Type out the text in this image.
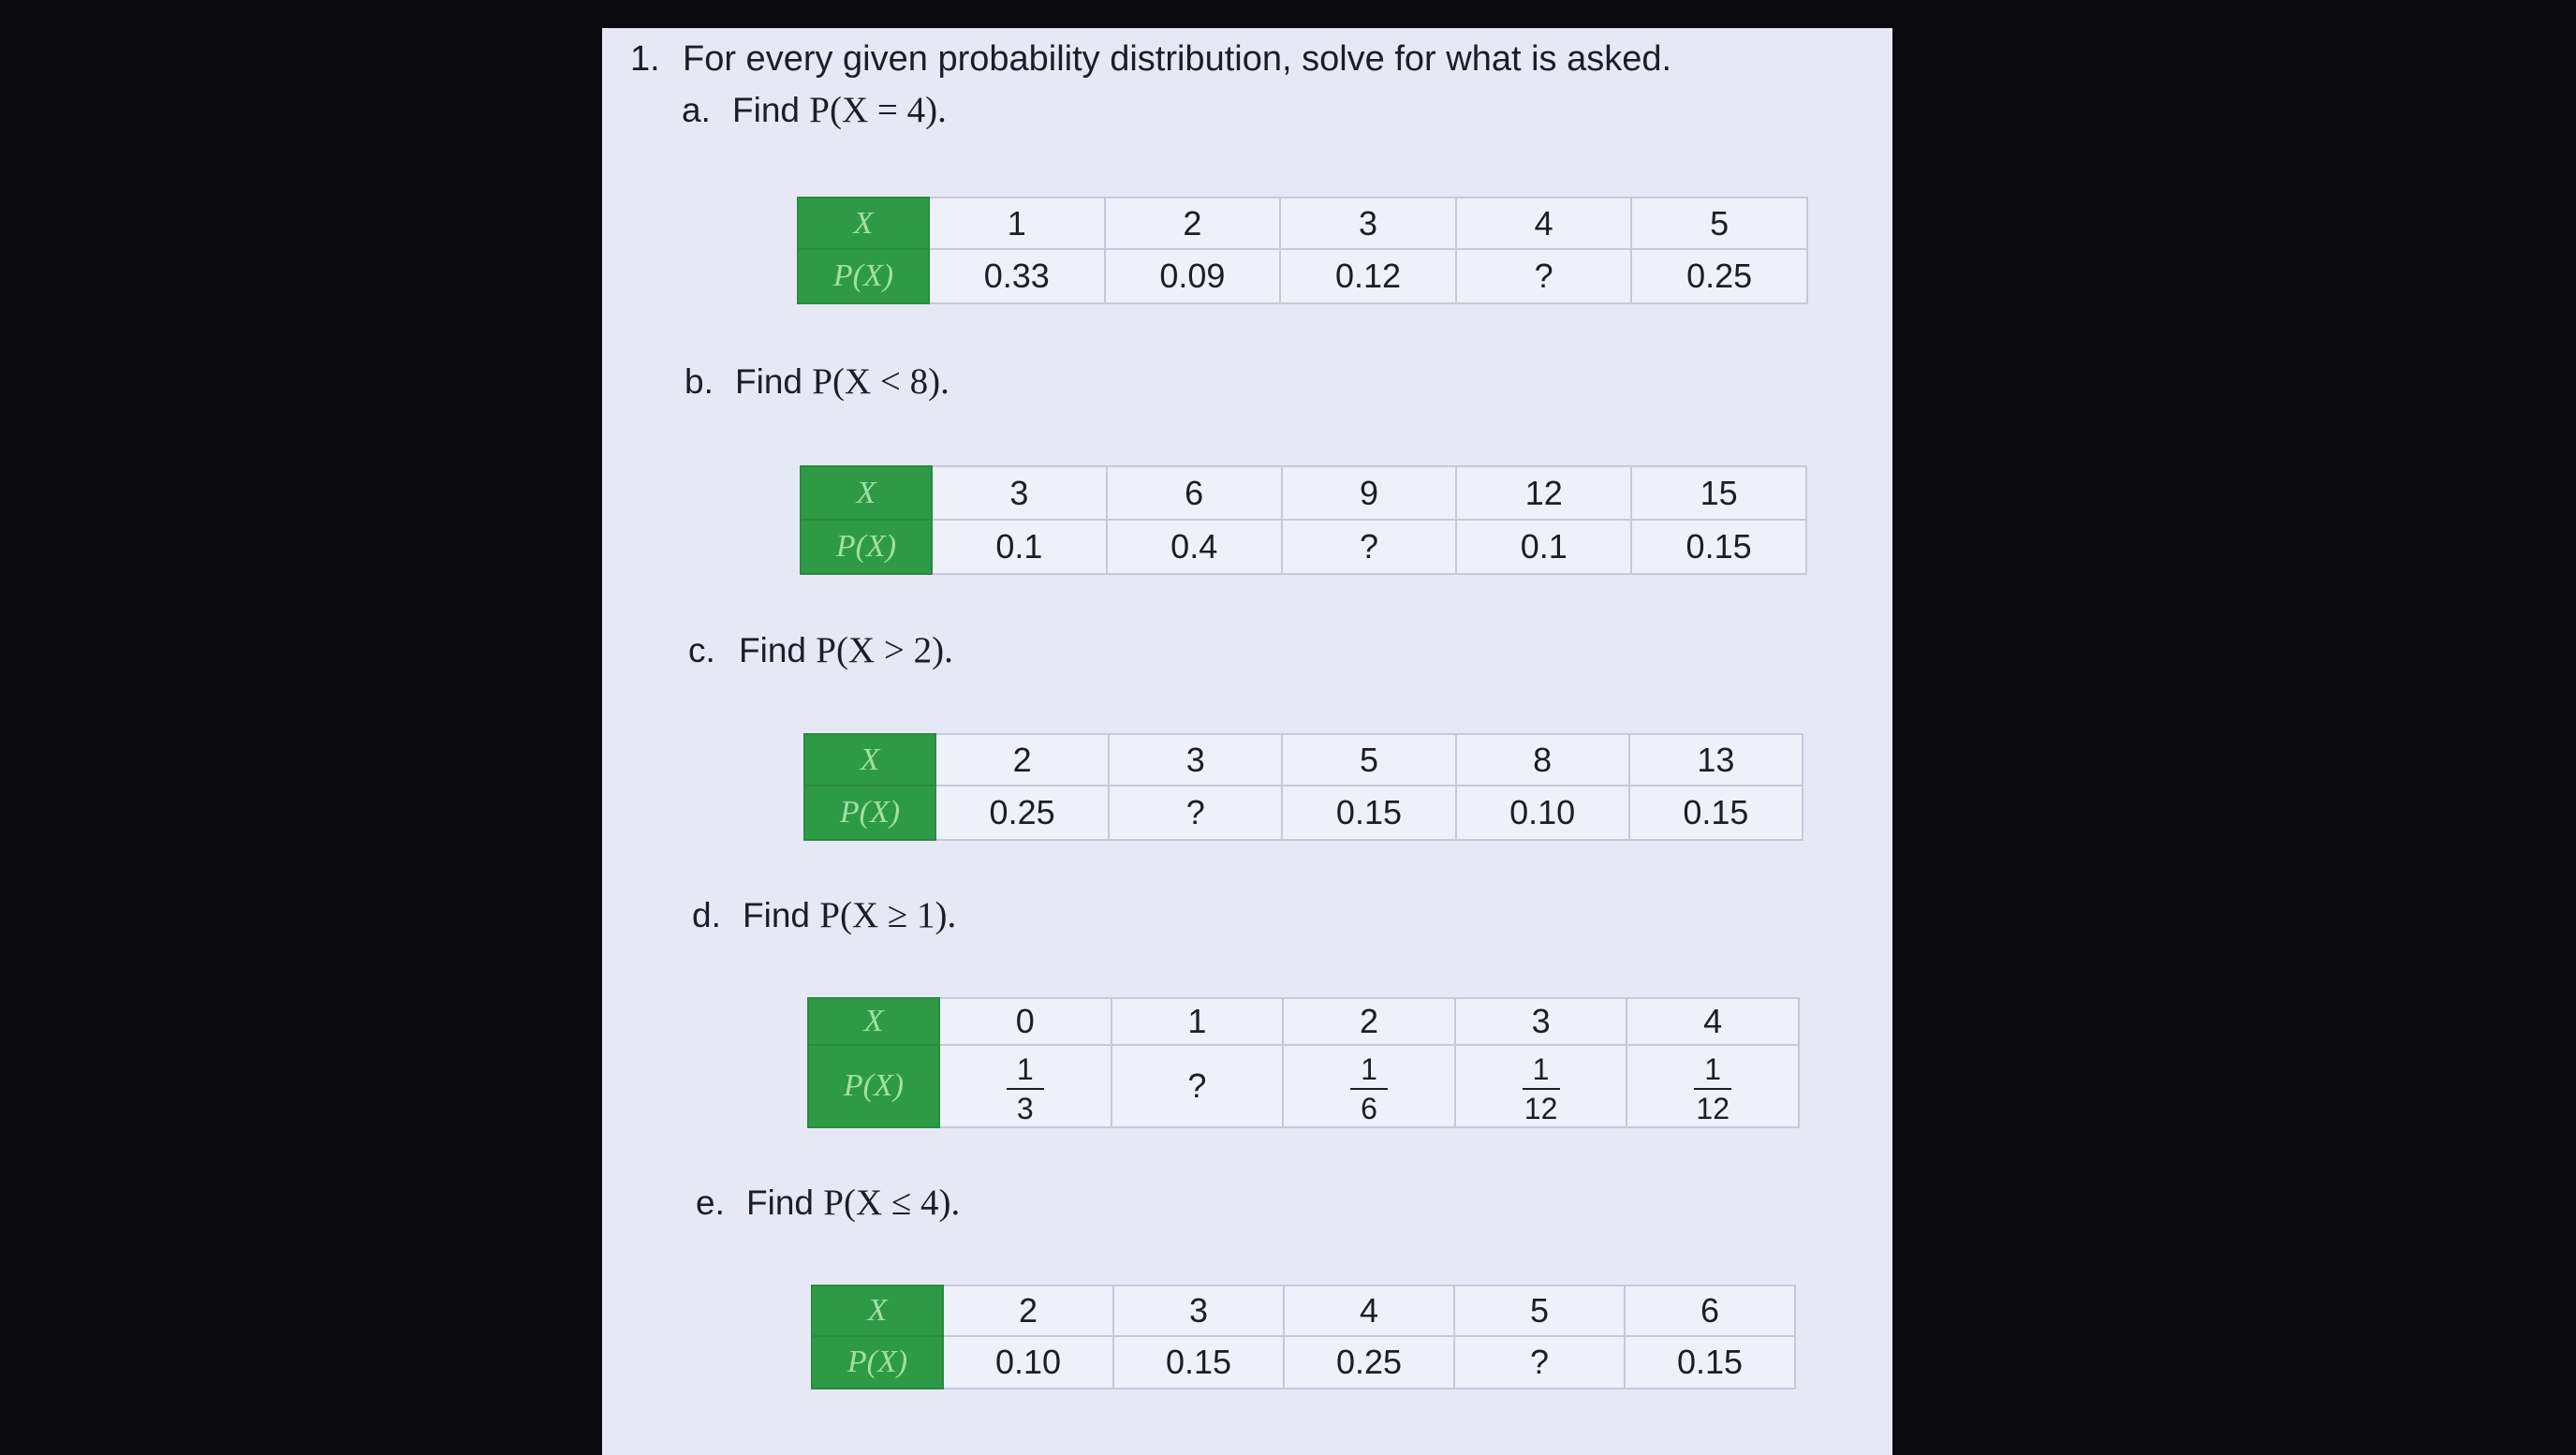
1. For every given probability distribution, solve for what is asked.
a. Find P(X = 4).
X	1	2	3	4	5
P(X)	0.33	0.09	0.12	?	0.25
b. Find P(X < 8).
X	3	6	9	12	15
P(X)	0.1	0.4	?	0.1	0.15
c. Find P(X > 2).
X	2	3	5	8	13
P(X)	0.25	?	0.15	0.10	0.15
d. Find P(X ≥ 1).
X	0	1	2	3	4
P(X)	$\frac{1}{3}$	?	$\frac{1}{6}$	$\frac{1}{12}$	$\frac{1}{12}$
e. Find P(X ≤ 4).
X	2	3	4	5	6
P(X)	0.10	0.15	0.25	?	0.15
